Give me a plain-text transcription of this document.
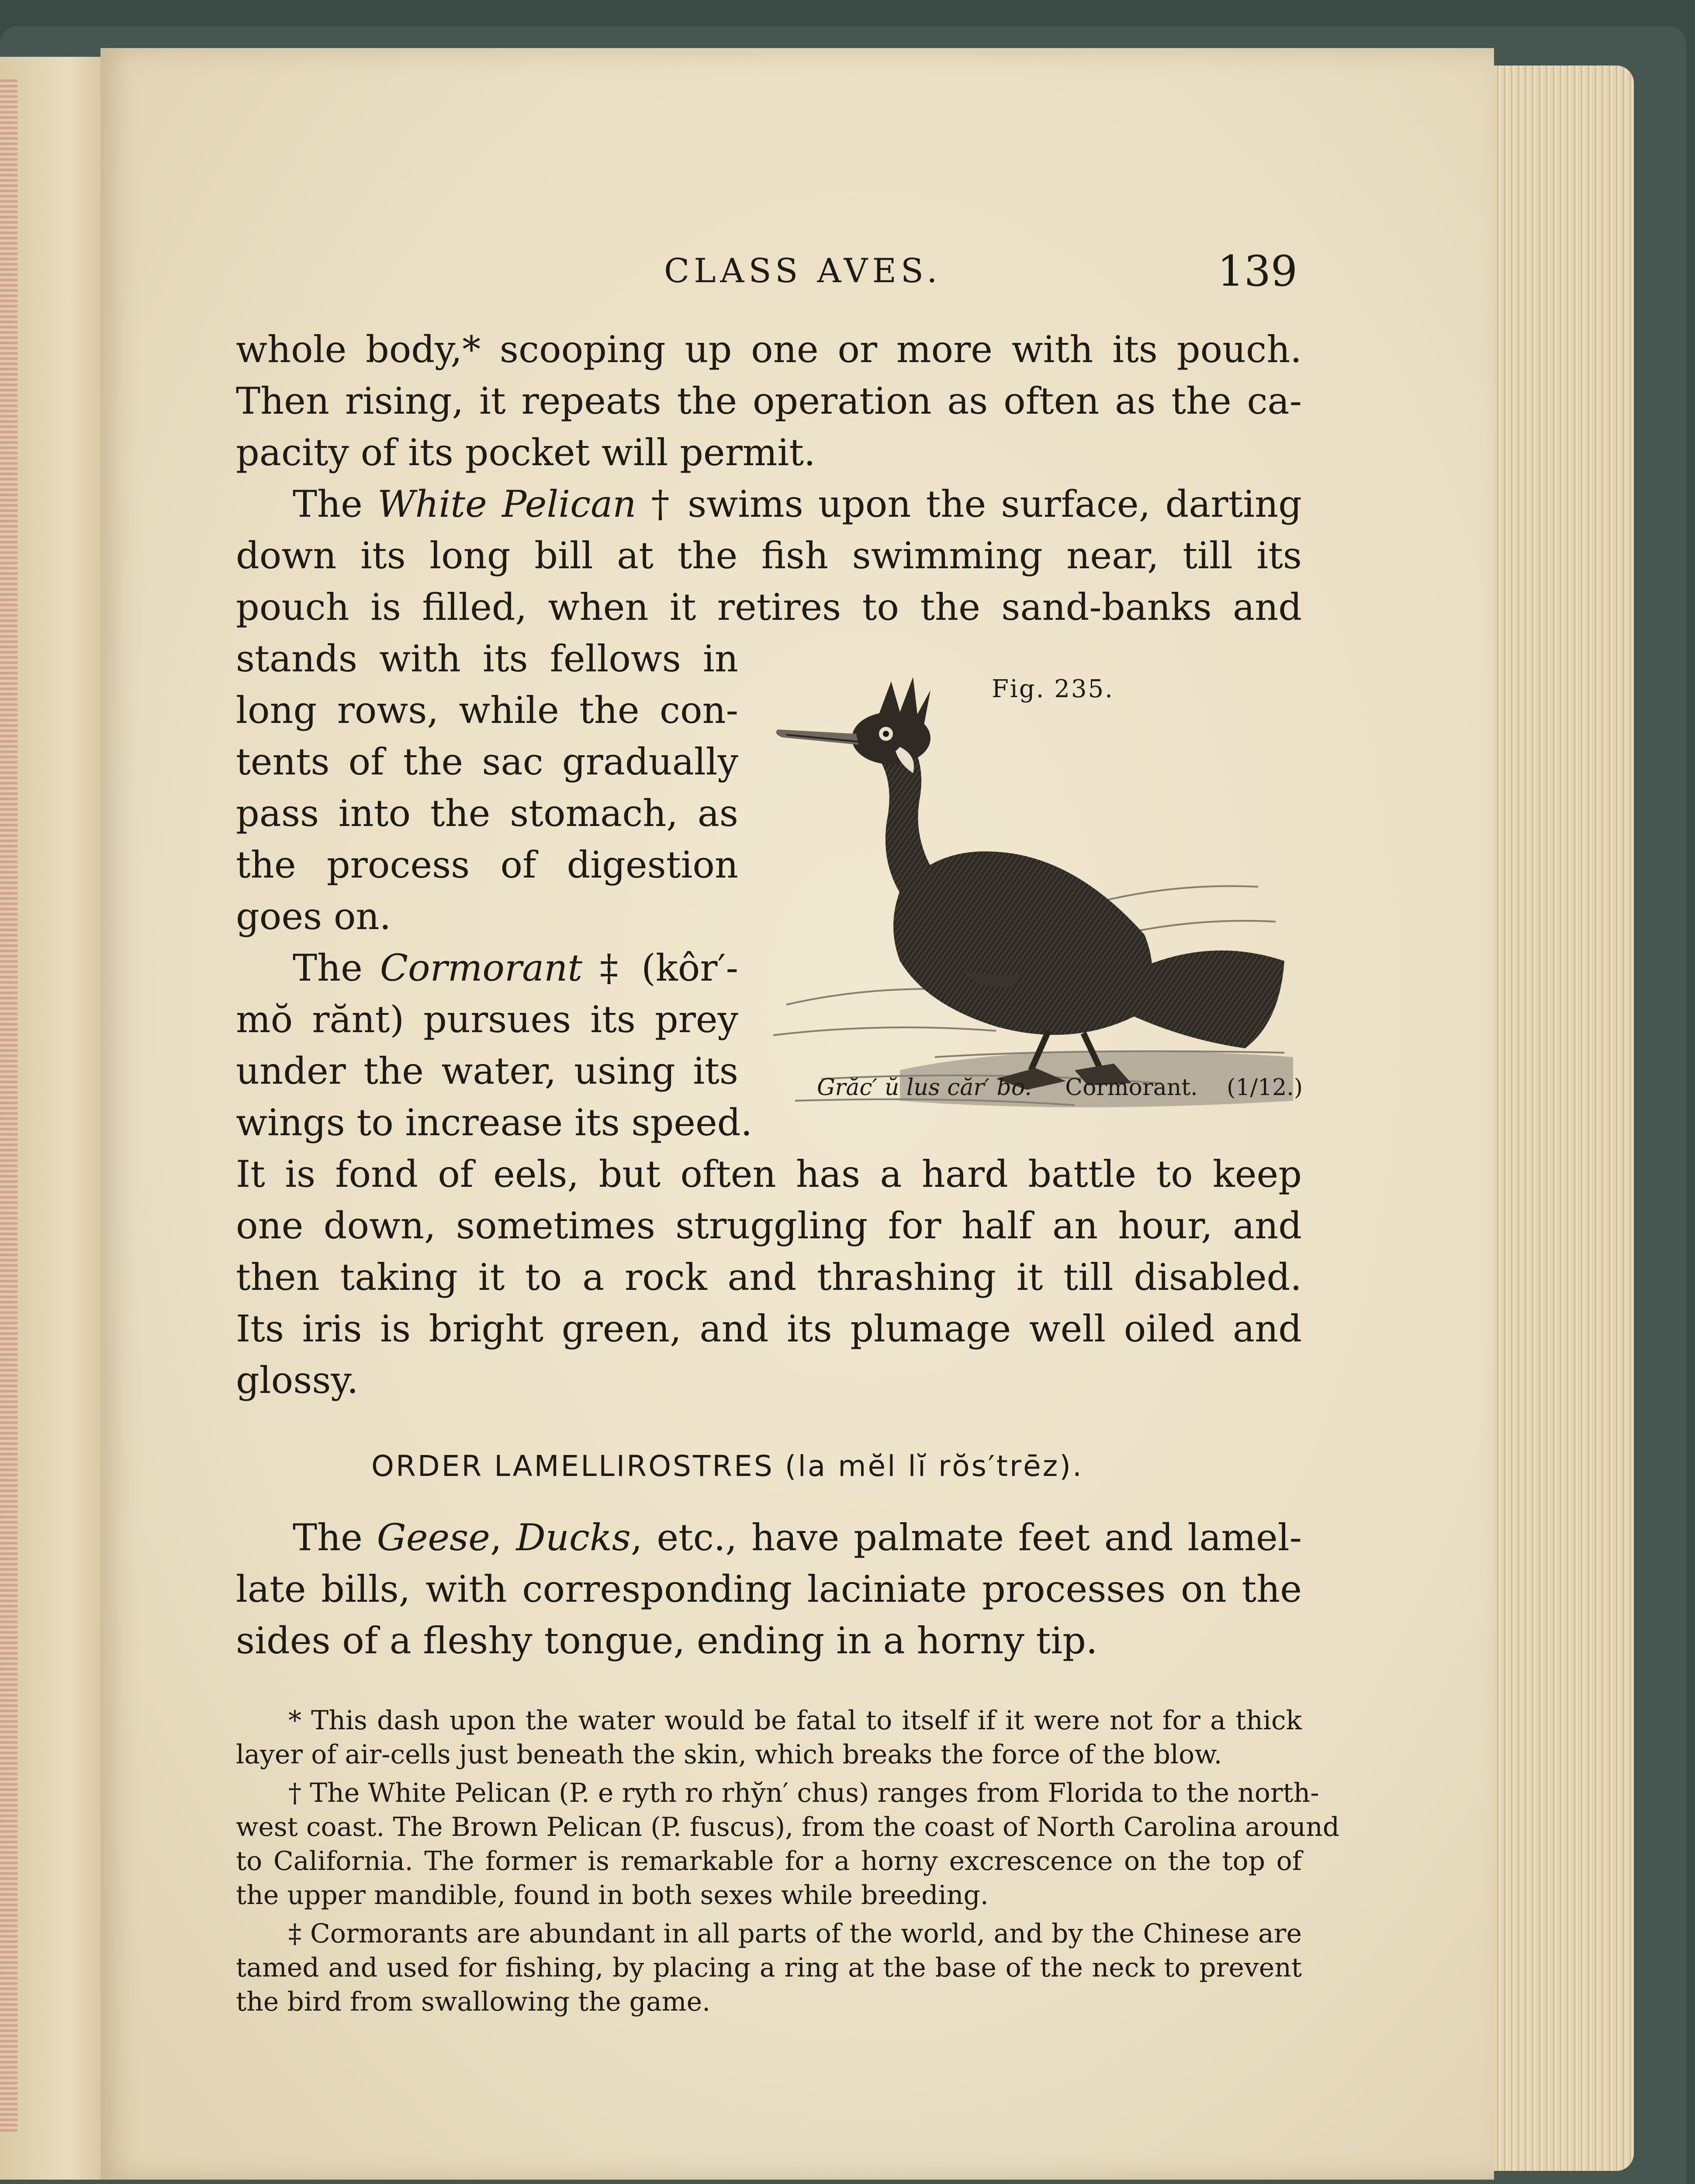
CLASS AVES.	139
whole body,* scooping up one or more with its pouch.
Then rising, it repeats the operation as often as the ca-
pacity of its pocket will permit.
The White Pelican † swims upon the surface, darting
down its long bill at the fish swimming near, till its
pouch is filled, when it retires to the sand-banks and
stands with its fellows in
long rows, while the con-
tents of the sac gradually
pass into the stomach, as
the process of digestion
goes on.
The Cormorant ‡ (kôr′-
mŏ rănt) pursues its prey
under the water, using its
wings to increase its speed.
Fig. 235.
Grăc′ ŭ lus căr′ bo. Cormorant. (1/12.)
It is fond of eels, but often has a hard battle to keep
one down, sometimes struggling for half an hour, and
then taking it to a rock and thrashing it till disabled.
Its iris is bright green, and its plumage well oiled and
glossy.
ORDER LAMELLIROSTRES (la mĕl lĭ rŏs′trēz).
The Geese, Ducks, etc., have palmate feet and lamel-
late bills, with corresponding laciniate processes on the
sides of a fleshy tongue, ending in a horny tip.
* This dash upon the water would be fatal to itself if it were not for a thick
layer of air-cells just beneath the skin, which breaks the force of the blow.
† The White Pelican (P. e ryth ro rhy̆n′ chus) ranges from Florida to the north-
west coast. The Brown Pelican (P. fuscus), from the coast of North Carolina around
to California. The former is remarkable for a horny excrescence on the top of
the upper mandible, found in both sexes while breeding.
‡ Cormorants are abundant in all parts of the world, and by the Chinese are
tamed and used for fishing, by placing a ring at the base of the neck to prevent
the bird from swallowing the game.
